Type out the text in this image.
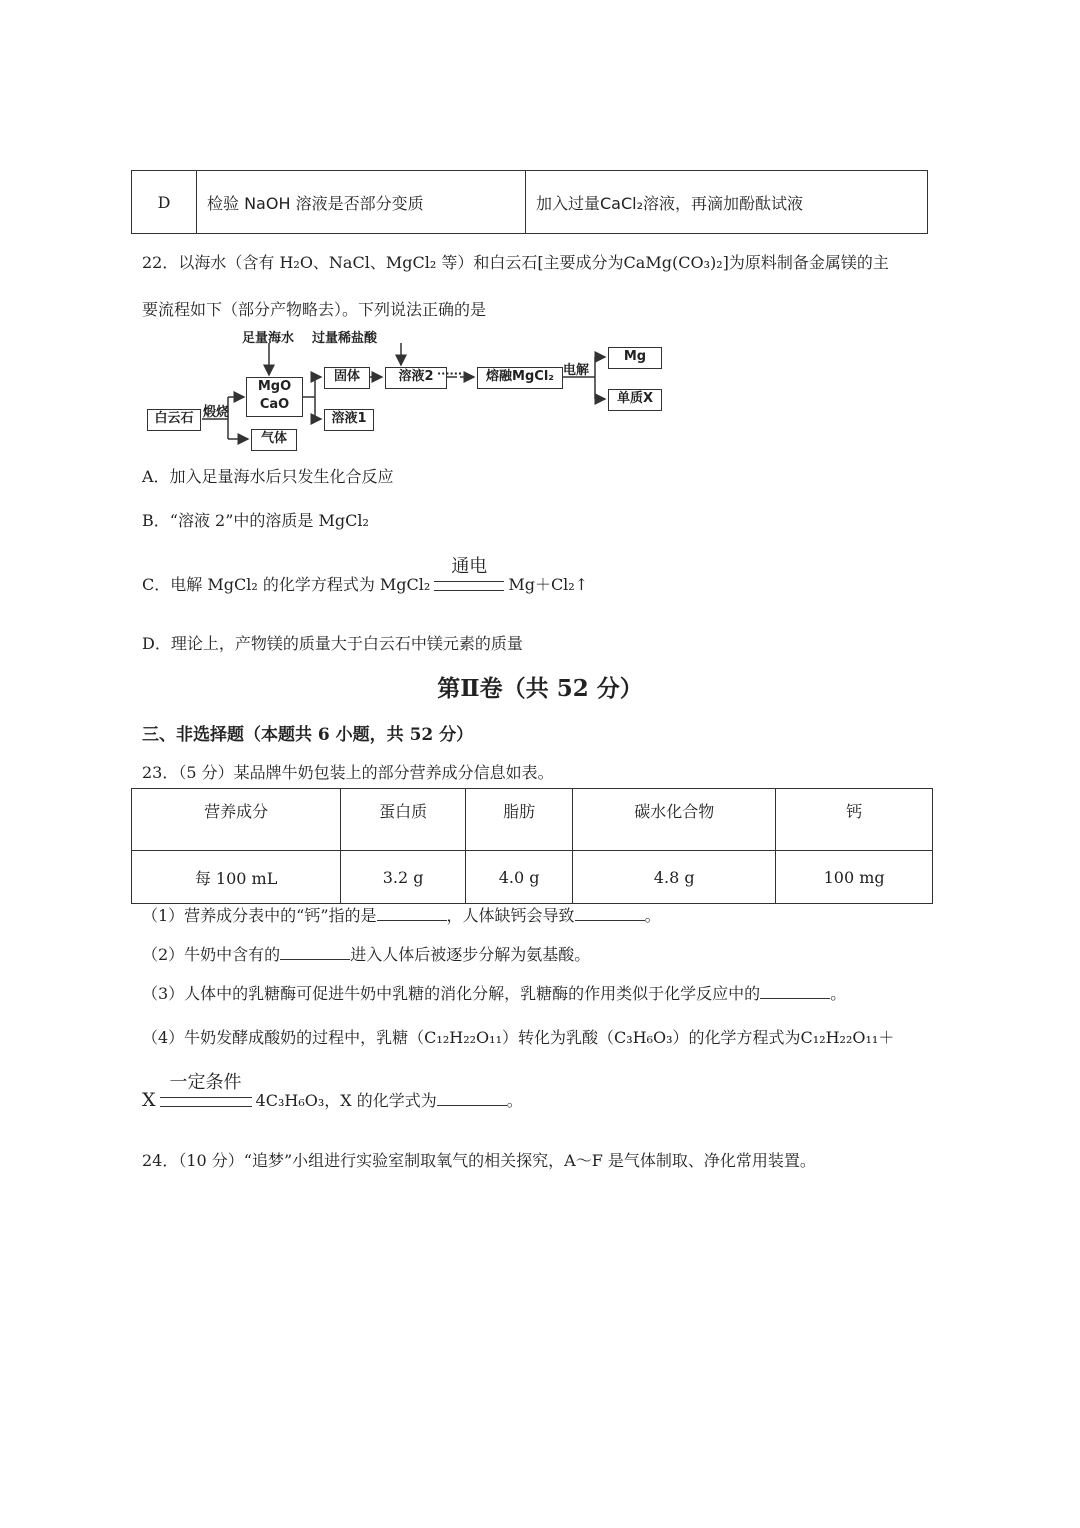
D	检验 NaOH 溶液是否部分变质	加入过量CaCl₂溶液，再滴加酚酞试液
22．以海水（含有 H₂O、NaCl、MgCl₂ 等）和白云石[主要成分为CaMg(CO₃)₂]为原料制备金属镁的主
要流程如下（部分产物略去）。下列说法正确的是
足量海水 过量稀盐酸
白云石 煅烧
MgO
CaO
气体
固体
溶液1
溶液2 ······	熔融MgCl₂ 电解
Mg
单质X
A．加入足量海水后只发生化合反应
B．“溶液 2”中的溶质是 MgCl₂
C．电解 MgCl₂ 的化学方程式为 MgCl₂
通电
Mg＋Cl₂↑
D．理论上，产物镁的质量大于白云石中镁元素的质量
第Ⅱ卷（共 52 分）
三、非选择题（本题共 6 小题，共 52 分）
23．（5 分）某品牌牛奶包装上的部分营养成分信息如表。
营养成分	蛋白质	脂肪	碳水化合物	钙
每 100 mL	3.2 g	4.0 g	4.8 g	100 mg
（1）营养成分表中的“钙”指的是	，人体缺钙会导致	。
（2）牛奶中含有的	进入人体后被逐步分解为氨基酸。
（3）人体中的乳糖酶可促进牛奶中乳糖的消化分解，乳糖酶的作用类似于化学反应中的	。
（4）牛奶发酵成酸奶的过程中，乳糖（C₁₂H₂₂O₁₁）转化为乳酸（C₃H₆O₃）的化学方程式为C₁₂H₂₂O₁₁＋
X
一定条件
4C₃H₆O₃，X 的化学式为	。
24．（10 分）“追梦”小组进行实验室制取氧气的相关探究，A～F 是气体制取、净化常用装置。
